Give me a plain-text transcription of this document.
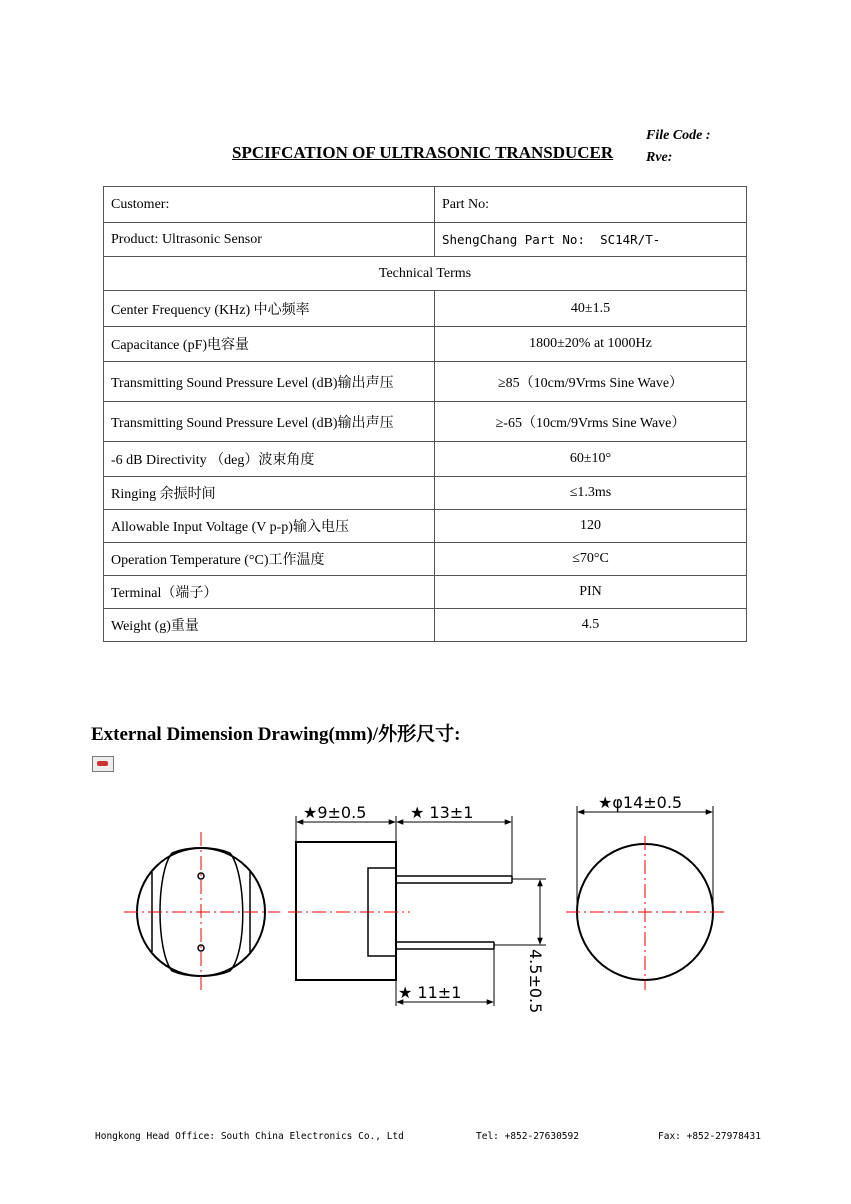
SPCIFCATION OF ULTRASONIC TRANSDUCER
File Code :
Rve:
Customer:	Part No:
Product: Ultrasonic Sensor	ShengChang Part No: SC14R/T-
Technical Terms	
Center Frequency (KHz) 中心频率	40±1.5
Capacitance (pF)电容量	1800±20% at 1000Hz
Transmitting Sound Pressure Level (dB)输出声压	≥85（10cm/9Vrms Sine Wave）
Transmitting Sound Pressure Level (dB)输出声压	≥-65（10cm/9Vrms Sine Wave）
-6 dB Directivity （deg）波束角度	60±10°
Ringing 余振时间	≤1.3ms
Allowable Input Voltage (V p-p)输入电压	120
Operation Temperature (°C)工作温度	≤70°C
Terminal（端子）	PIN
Weight (g)重量	4.5
External Dimension Drawing(mm)/外形尺寸:
★9±0.5	★ 13±1
★ 11±1	4.5±0.5
★φ14±0.5
Hongkong Head Office: South China Electronics Co., Ltd	Tel: +852-27630592	Fax: +852-27978431
